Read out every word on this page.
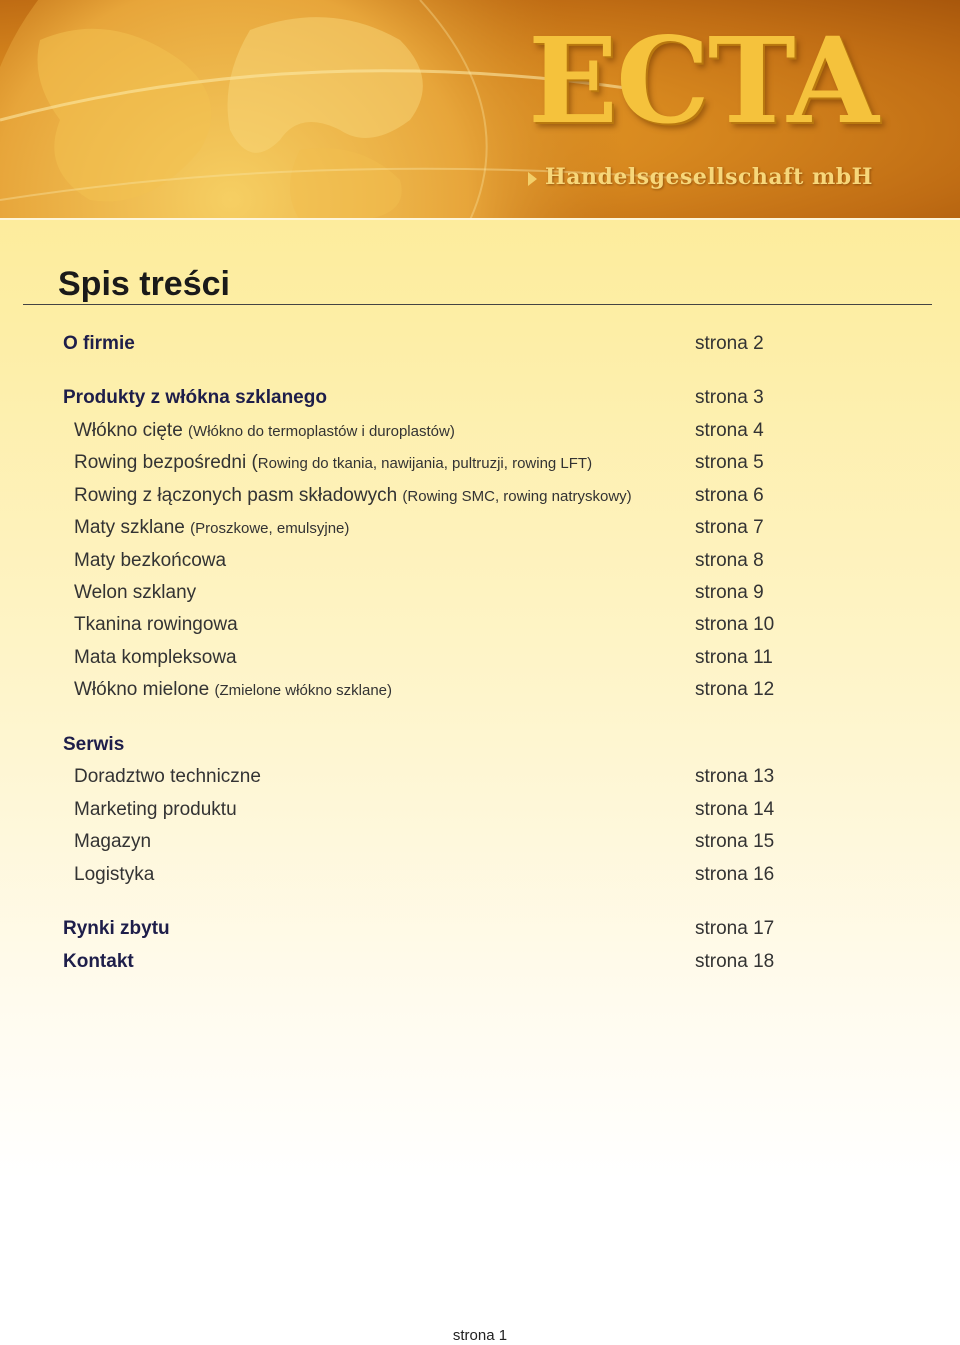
ECTA
Handelsgesellschaft mbH
Spis treści
O firmie	strona 2
Produkty z włókna szklanego	strona 3
Włókno cięte (Włókno do termoplastów i duroplastów)	strona 4
Rowing bezpośredni (Rowing do tkania, nawijania, pultruzji, rowing LFT)	strona 5
Rowing z łączonych pasm składowych (Rowing SMC, rowing natryskowy)	strona 6
Maty szklane (Proszkowe, emulsyjne)	strona 7
Maty bezkońcowa	strona 8
Welon szklany	strona 9
Tkanina rowingowa	strona 10
Mata kompleksowa	strona 11
Włókno mielone (Zmielone włókno szklane)	strona 12
Serwis
Doradztwo techniczne	strona 13
Marketing produktu	strona 14
Magazyn	strona 15
Logistyka	strona 16
Rynki zbytu	strona 17
Kontakt	strona 18
strona 1
